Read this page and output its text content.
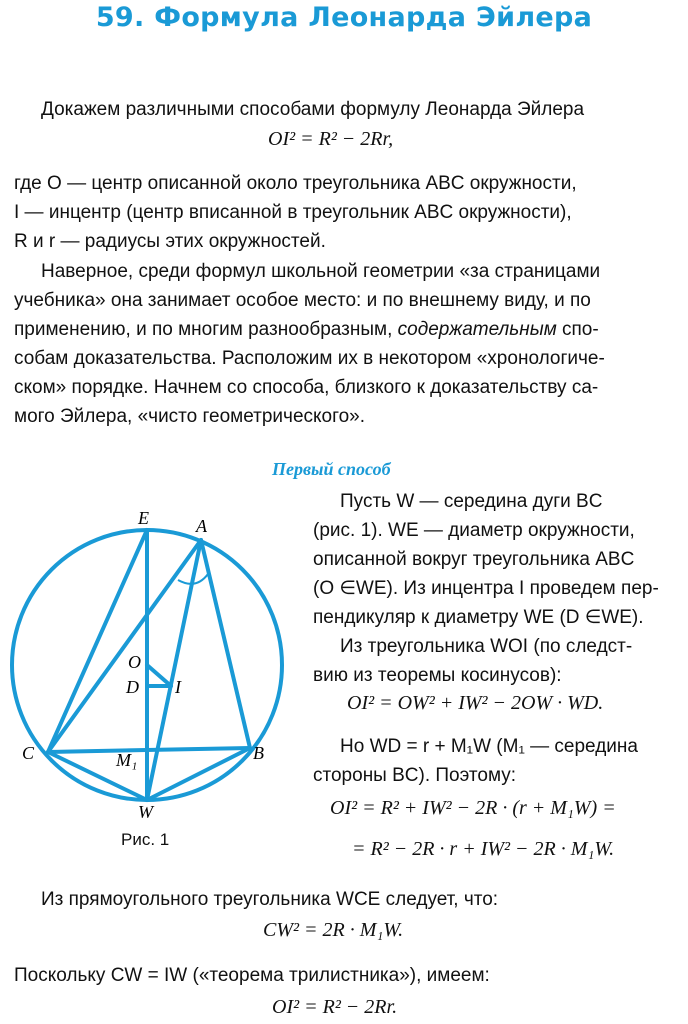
59. Формула Леонарда Эйлера
Докажем различными способами формулу Леонарда Эйлера
OI² = R² − 2Rr,
где O — центр описанной около треугольника ABC окружности,
I — инцентр (центр вписанной в треугольник ABC окружности),
R и r — радиусы этих окружностей.
Наверное, среди формул школьной геометрии «за страницами
учебника» она занимает особое место: и по внешнему виду, и по
применению, и по многим разнообразным, содержательным спо-
собам доказательства. Расположим их в некотором «хронологиче-
ском» порядке. Начнем со способа, близкого к доказательству са-
мого Эйлера, «чисто геометрического».
Первый способ
E	A
O
D I
C	M₁	B
W
Рис. 1
Пусть W — середина дуги BC
(рис. 1). WE — диаметр окружности,
описанной вокруг треугольника ABC
(O ∈WE). Из инцентра I проведем пер-
пендикуляр к диаметру WE (D ∈WE).
Из треугольника WOI (по следст-
вию из теоремы косинусов):
OI² = OW² + IW² − 2OW · WD.
Но WD = r + M₁W (M₁ — середина
стороны BC). Поэтому:
OI² = R² + IW² − 2R · (r + M₁W) =
= R² − 2R · r + IW² − 2R · M₁W.
Из прямоугольного треугольника WCE следует, что:
CW² = 2R · M₁W.
Поскольку CW = IW («теорема трилистника»), имеем:
OI² = R² − 2Rr.
